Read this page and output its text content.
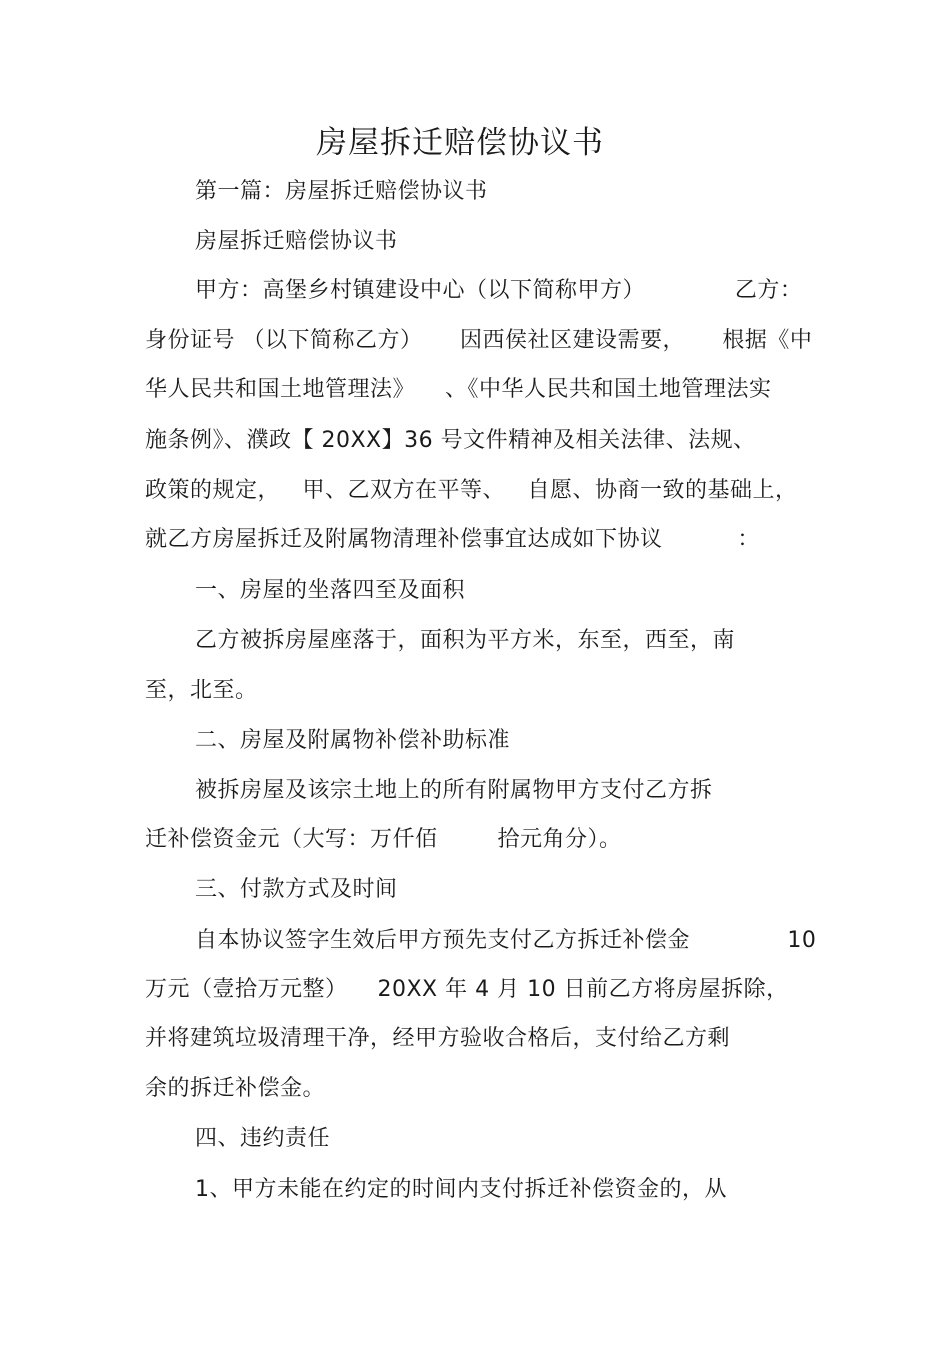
房屋拆迁赔偿协议书
第一篇：房屋拆迁赔偿协议书
房屋拆迁赔偿协议书
甲方：高堡乡村镇建设中心（以下简称甲方）            乙方：
身份证号 （以下简称乙方）     因西侯社区建设需要，     根据《中
华人民共和国土地管理法》    、《中华人民共和国土地管理法实
施条例》、濮政【 20XX】36 号文件精神及相关法律、法规、
政策的规定，   甲、乙双方在平等、   自愿、协商一致的基础上，
就乙方房屋拆迁及附属物清理补偿事宜达成如下协议          ：
一、房屋的坐落四至及面积
乙方被拆房屋座落于，面积为平方米，东至，西至，南
至，北至。
二、房屋及附属物补偿补助标准
被拆房屋及该宗土地上的所有附属物甲方支付乙方拆
迁补偿资金元（大写：万仟佰        拾元角分）。
三、付款方式及时间
自本协议签字生效后甲方预先支付乙方拆迁补偿金             10
万元（壹拾万元整）    20XX 年 4 月 10 日前乙方将房屋拆除，
并将建筑垃圾清理干净，经甲方验收合格后，支付给乙方剩
余的拆迁补偿金。
四、违约责任
1、甲方未能在约定的时间内支付拆迁补偿资金的，从
